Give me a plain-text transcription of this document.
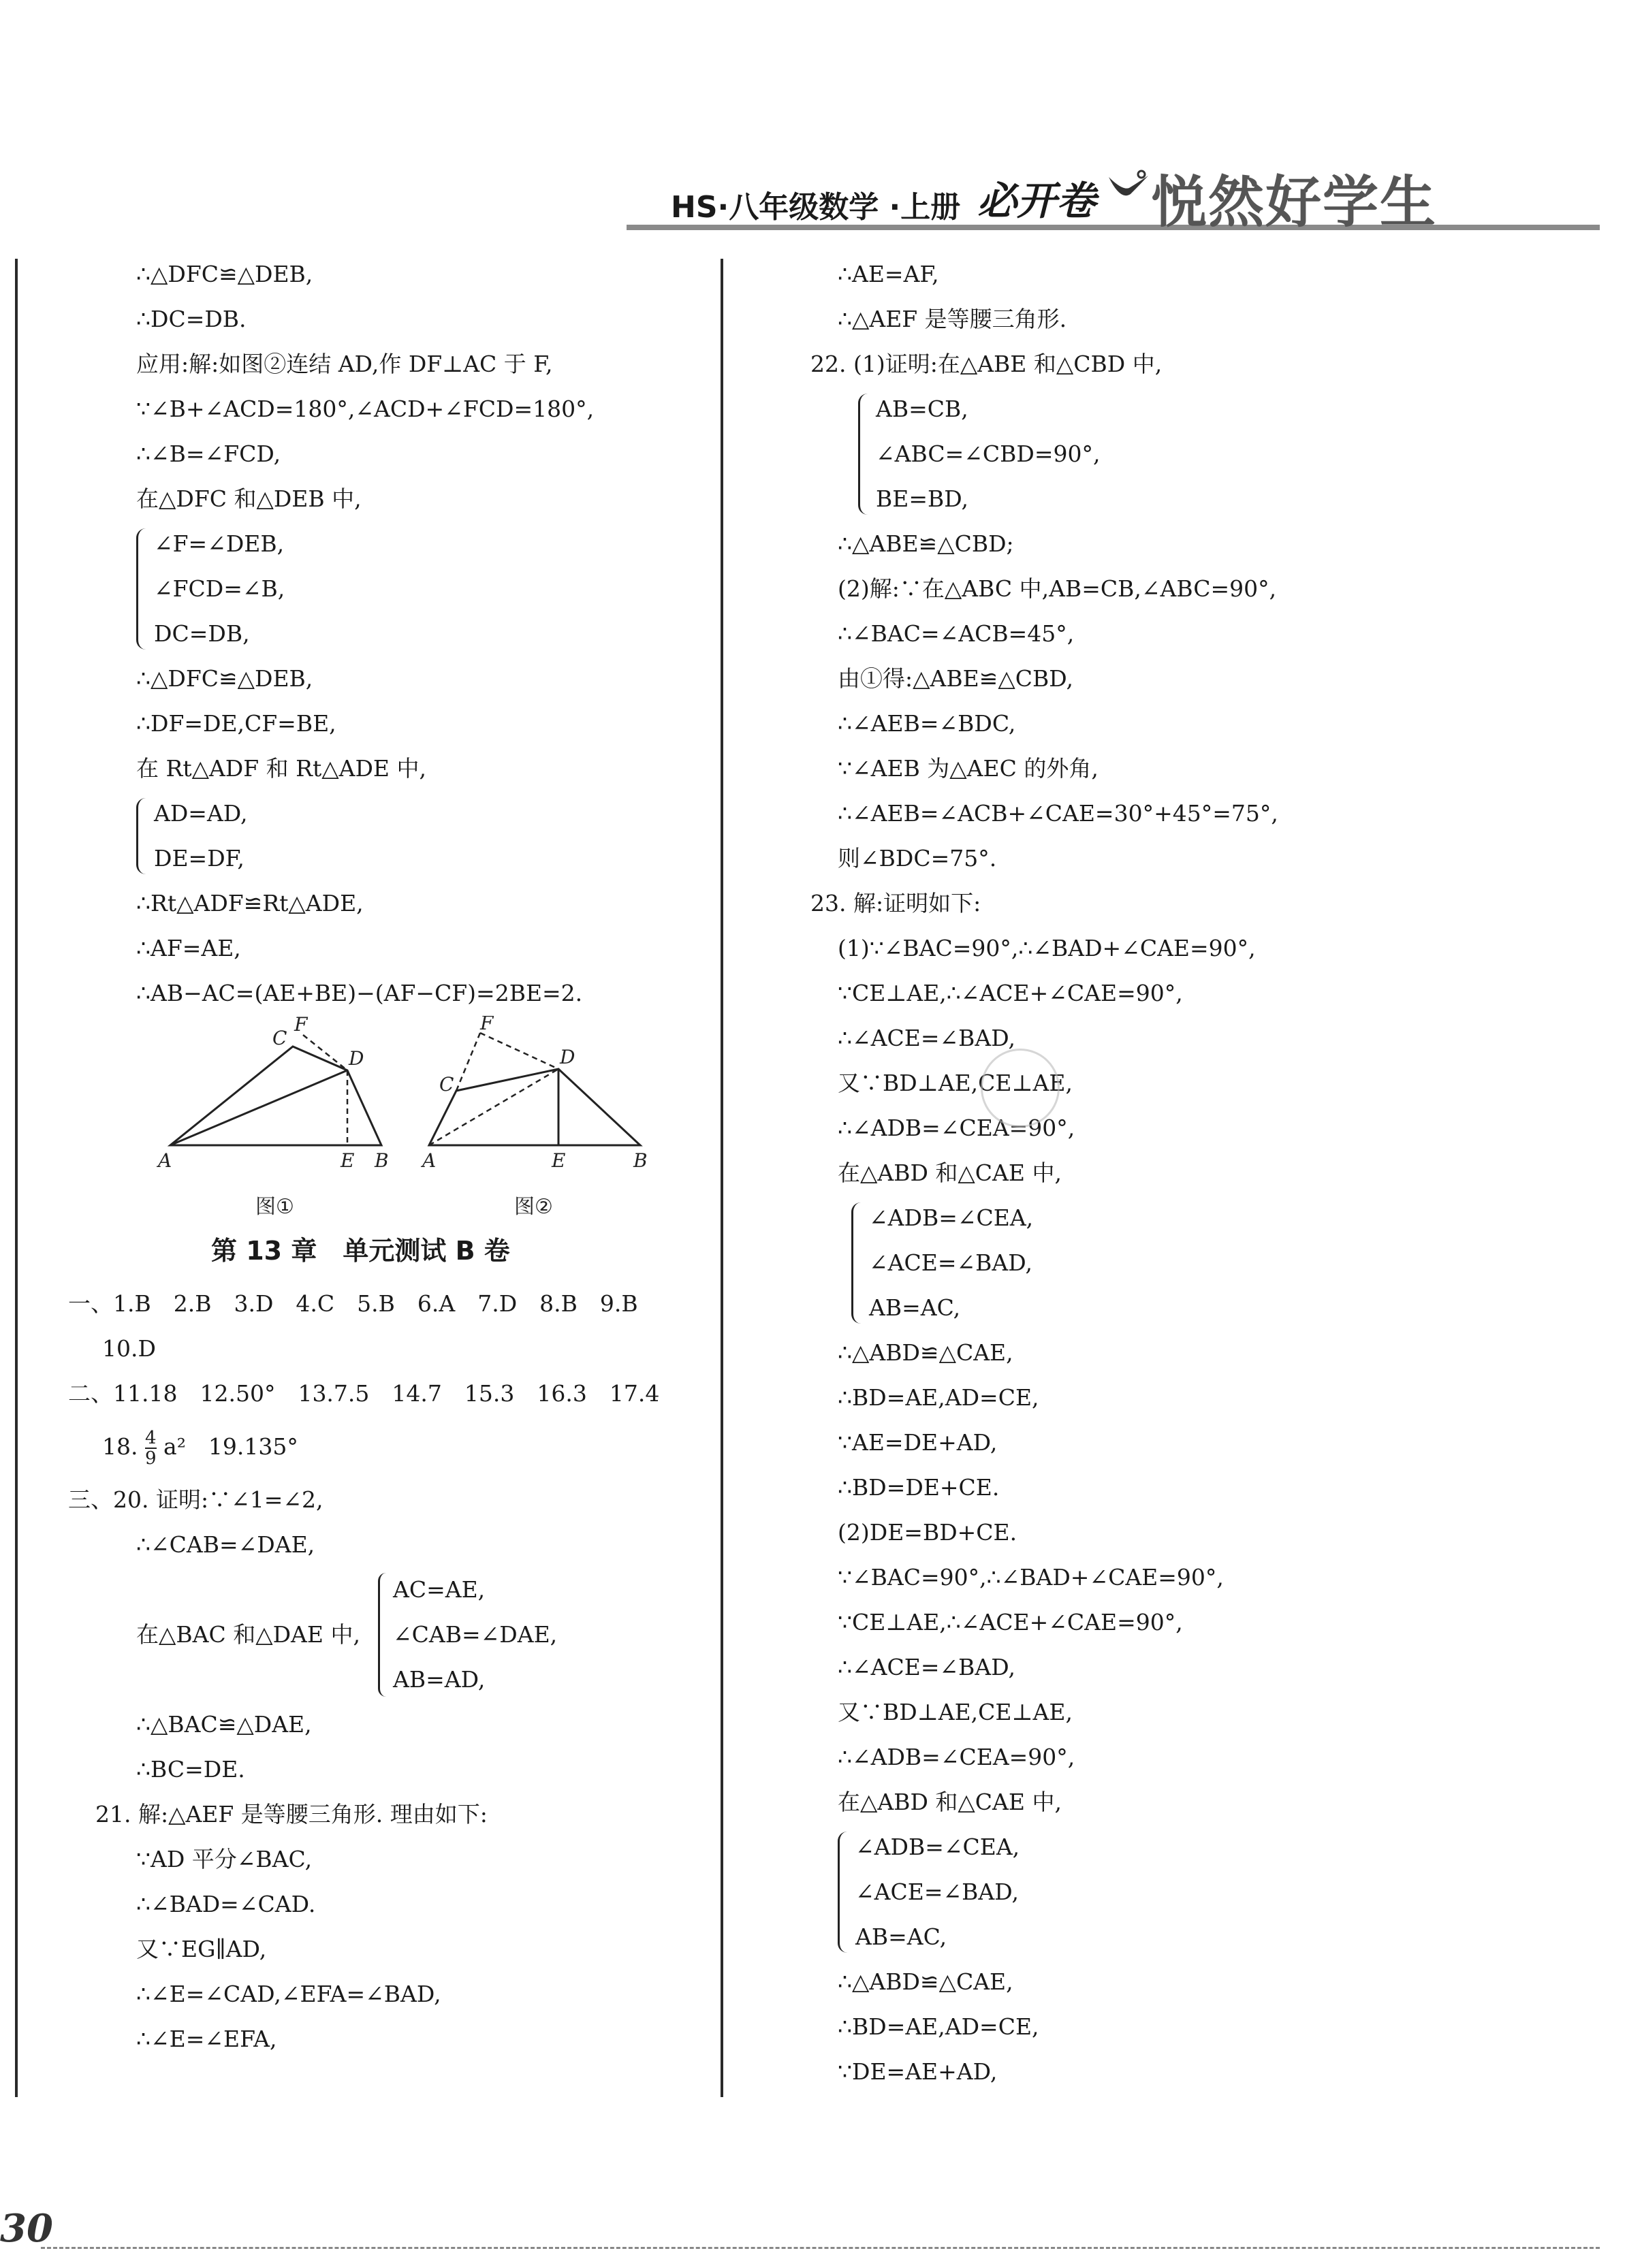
HS·八年级数学 ·上册 必开卷 悦然好学生
∴△DFC≌△DEB,
∴DC=DB.
应用:解:如图②连结 AD,作 DF⊥AC 于 F,
∵∠B+∠ACD=180°,∠ACD+∠FCD=180°,
∴∠B=∠FCD,
在△DFC 和△DEB 中,
∠F=∠DEB,
∠FCD=∠B,
DC=DB,
∴△DFC≌△DEB,
∴DF=DE,CF=BE,
在 Rt△ADF 和 Rt△ADE 中,
AD=AD,
DE=DF,
∴Rt△ADF≌Rt△ADE,
∴AF=AE,
∴AB−AC=(AE+BE)−(AF−CF)=2BE=2.
C
F
D
A	E B
F
C
D
A	E	B
图①	图②
第 13 章　单元测试 B 卷
一、1.B　2.B　3.D　4.C　5.B　6.A　7.D　8.B　9.B
10.D
二、11.18　12.50°　13.7.5　14.7　15.3　16.3　17.4
18. $\frac{4}{9} a^2$　19.135°
三、20. 证明:∵∠1=∠2,
∴∠CAB=∠DAE,
在△BAC 和△DAE 中,
AC=AE,
∠CAB=∠DAE,
AB=AD,
∴△BAC≌△DAE,
∴BC=DE.
21. 解:△AEF 是等腰三角形. 理由如下:
∵AD 平分∠BAC,
∴∠BAD=∠CAD.
又∵EG∥AD,
∴∠E=∠CAD,∠EFA=∠BAD,
∴∠E=∠EFA,
∴AE=AF,
∴△AEF 是等腰三角形.
22. (1)证明:在△ABE 和△CBD 中,
AB=CB,
∠ABC=∠CBD=90°,
BE=BD,
∴△ABE≌△CBD;
(2)解:∵在△ABC 中,AB=CB,∠ABC=90°,
∴∠BAC=∠ACB=45°,
由①得:△ABE≌△CBD,
∴∠AEB=∠BDC,
∵∠AEB 为△AEC 的外角,
∴∠AEB=∠ACB+∠CAE=30°+45°=75°,
则∠BDC=75°.
23. 解:证明如下:
(1)∵∠BAC=90°,∴∠BAD+∠CAE=90°,
∵CE⊥AE,∴∠ACE+∠CAE=90°,
∴∠ACE=∠BAD,
又∵BD⊥AE,CE⊥AE,
∴∠ADB=∠CEA=90°,
在△ABD 和△CAE 中,
∠ADB=∠CEA,
∠ACE=∠BAD,
AB=AC,
∴△ABD≌△CAE,
∴BD=AE,AD=CE,
∵AE=DE+AD,
∴BD=DE+CE.
(2)DE=BD+CE.
∵∠BAC=90°,∴∠BAD+∠CAE=90°,
∵CE⊥AE,∴∠ACE+∠CAE=90°,
∴∠ACE=∠BAD,
又∵BD⊥AE,CE⊥AE,
∴∠ADB=∠CEA=90°,
在△ABD 和△CAE 中,
∠ADB=∠CEA,
∠ACE=∠BAD,
AB=AC,
∴△ABD≌△CAE,
∴BD=AE,AD=CE,
∵DE=AE+AD,
30
